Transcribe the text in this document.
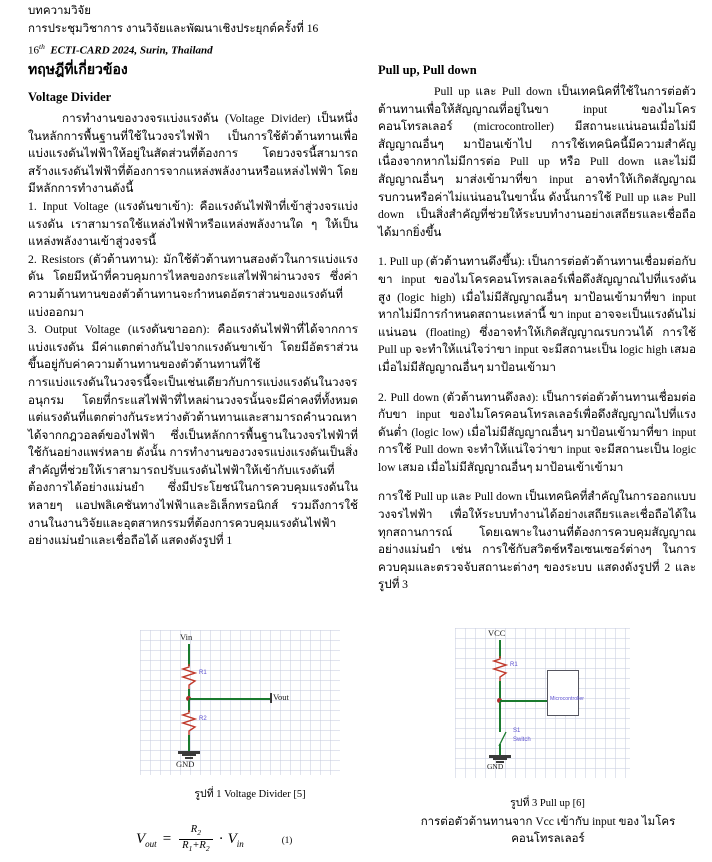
บทความวิจัย
การประชุมวิชาการ งานวิจัยและพัฒนาเชิงประยุกต์ครั้งที่ 16
16th ECTI-CARD 2024, Surin, Thailand
ทฤษฎีที่เกี่ยวข้อง
Voltage Divider

การทำงานของวงจรแบ่งแรงดัน (Voltage Divider) เป็นหนึ่งในหลักการพื้นฐานที่ใช้ในวงจรไฟฟ้า เป็นการใช้ตัวต้านทานเพื่อแบ่งแรงดันไฟฟ้าให้อยู่ในสัดส่วนที่ต้องการ โดยวงจรนี้สามารถสร้างแรงดันไฟฟ้าที่ต้องการจากแหล่งพลังงานหรือแหล่งไฟฟ้า โดยมีหลักการทำงานดังนี้

1. Input Voltage (แรงดันขาเข้า): คือแรงดันไฟฟ้าที่เข้าสู่วงจรแบ่งแรงดัน เราสามารถใช้แหล่งไฟฟ้าหรือแหล่งพลังงานใด ๆ ให้เป็นแหล่งพลังงานเข้าสู่วงจรนี้

2. Resistors (ตัวต้านทาน): มักใช้ตัวต้านทานสองตัวในการแบ่งแรงดัน โดยมีหน้าที่ควบคุมการไหลของกระแสไฟฟ้าผ่านวงจร ซึ่งค่าความต้านทานของตัวต้านทานจะกำหนดอัตราส่วนของแรงดันที่แบ่งออกมา

3. Output Voltage (แรงดันขาออก): คือแรงดันไฟฟ้าที่ได้จากการแบ่งแรงดัน มีค่าแตกต่างกันไปจากแรงดันขาเข้า โดยมีอัตราส่วนขึ้นอยู่กับค่าความต้านทานของตัวต้านทานที่ใช้

การแบ่งแรงดันในวงจรนี้จะเป็นเช่นเดียวกับการแบ่งแรงดันในวงจรอนุกรม โดยที่กระแสไฟฟ้าที่ไหลผ่านวงจรนั้นจะมีค่าคงที่ทั้งหมด แต่แรงดันที่แตกต่างกันระหว่างตัวต้านทานและสามารถคำนวณหาได้จากกฎวอลต์ของไฟฟ้า ซึ่งเป็นหลักการพื้นฐานในวงจรไฟฟ้าที่ใช้กันอย่างแพร่หลาย ดังนั้น การทำงานของวงจรแบ่งแรงดันเป็นสิ่งสำคัญที่ช่วยให้เราสามารถปรับแรงดันไฟฟ้าให้เข้ากับแรงดันที่ต้องการได้อย่างแม่นยำ ซึ่งมีประโยชน์ในการควบคุมแรงดันในหลายๆ แอปพลิเคชันทางไฟฟ้าและอิเล็กทรอนิกส์ รวมถึงการใช้งานในงานวิจัยและอุตสาหกรรมที่ต้องการควบคุมแรงดันไฟฟ้าอย่างแม่นยำและเชื่อถือได้ แสดงดังรูปที่ 1

Pull up, Pull down

Pull up และ Pull down เป็นเทคนิคที่ใช้ในการต่อตัวต้านทานเพื่อให้สัญญาณที่อยู่ในขา input ของไมโครคอนโทรลเลอร์ (microcontroller) มีสถานะแน่นอนเมื่อไม่มีสัญญาณอื่นๆ มาป้อนเข้าไป การใช้เทคนิคนี้มีความสำคัญเนื่องจากหากไม่มีการต่อ Pull up หรือ Pull down และไม่มีสัญญาณอื่นๆ มาส่งเข้ามาที่ขา input อาจทำให้เกิดสัญญาณรบกวนหรือค่าไม่แน่นอนในขานั้น ดังนั้นการใช้ Pull up และ Pull down เป็นสิ่งสำคัญที่ช่วยให้ระบบทำงานอย่างเสถียรและเชื่อถือได้มากยิ่งขึ้น

1. Pull up (ตัวต้านทานดึงขึ้น): เป็นการต่อตัวต้านทานเชื่อมต่อกับขา input ของไมโครคอนโทรลเลอร์เพื่อดึงสัญญาณไปที่แรงดันสูง (logic high) เมื่อไม่มีสัญญาณอื่นๆ มาป้อนเข้ามาที่ขา input หากไม่มีการกำหนดสถานะเหล่านี้ ขา input อาจจะเป็นแรงดันไม่แน่นอน (floating) ซึ่งอาจทำให้เกิดสัญญาณรบกวนได้ การใช้ Pull up จะทำให้แน่ใจว่าขา input จะมีสถานะเป็น logic high เสมอ เมื่อไม่มีสัญญาณอื่นๆ มาป้อนเข้ามา

2. Pull down (ตัวต้านทานดึงลง): เป็นการต่อตัวต้านทานเชื่อมต่อกับขา input ของไมโครคอนโทรลเลอร์เพื่อดึงสัญญาณไปที่แรงดันต่ำ (logic low) เมื่อไม่มีสัญญาณอื่นๆ มาป้อนเข้ามาที่ขา input การใช้ Pull down จะทำให้แน่ใจว่าขา input จะมีสถานะเป็น logic low เสมอ เมื่อไม่มีสัญญาณอื่นๆ มาป้อนเข้าเข้ามา

การใช้ Pull up และ Pull down เป็นเทคนิคที่สำคัญในการออกแบบวงจรไฟฟ้า เพื่อให้ระบบทำงานได้อย่างเสถียรและเชื่อถือได้ในทุกสถานการณ์ โดยเฉพาะในงานที่ต้องการควบคุมสัญญาณอย่างแม่นยำ เช่น การใช้กับสวิตช์หรือเซนเซอร์ต่างๆ ในการควบคุมและตรวจจับสถานะต่างๆ ของระบบ แสดงดังรูปที่ 2 และรูปที่ 3

Vin
R1
Vout
R2
GND
รูปที่ 1 Voltage Divider [5]
VCC
R1
Microcontroller
S1
Switch
GND
รูปที่ 3 Pull up [6]
การต่อตัวต้านทานจาก Vcc เข้ากับ input ของ ไมโครคอนโทรลเลอร์
$V_{out} = \frac{R_2}{R_1+R_2} \cdot V_{in}$	(1)
